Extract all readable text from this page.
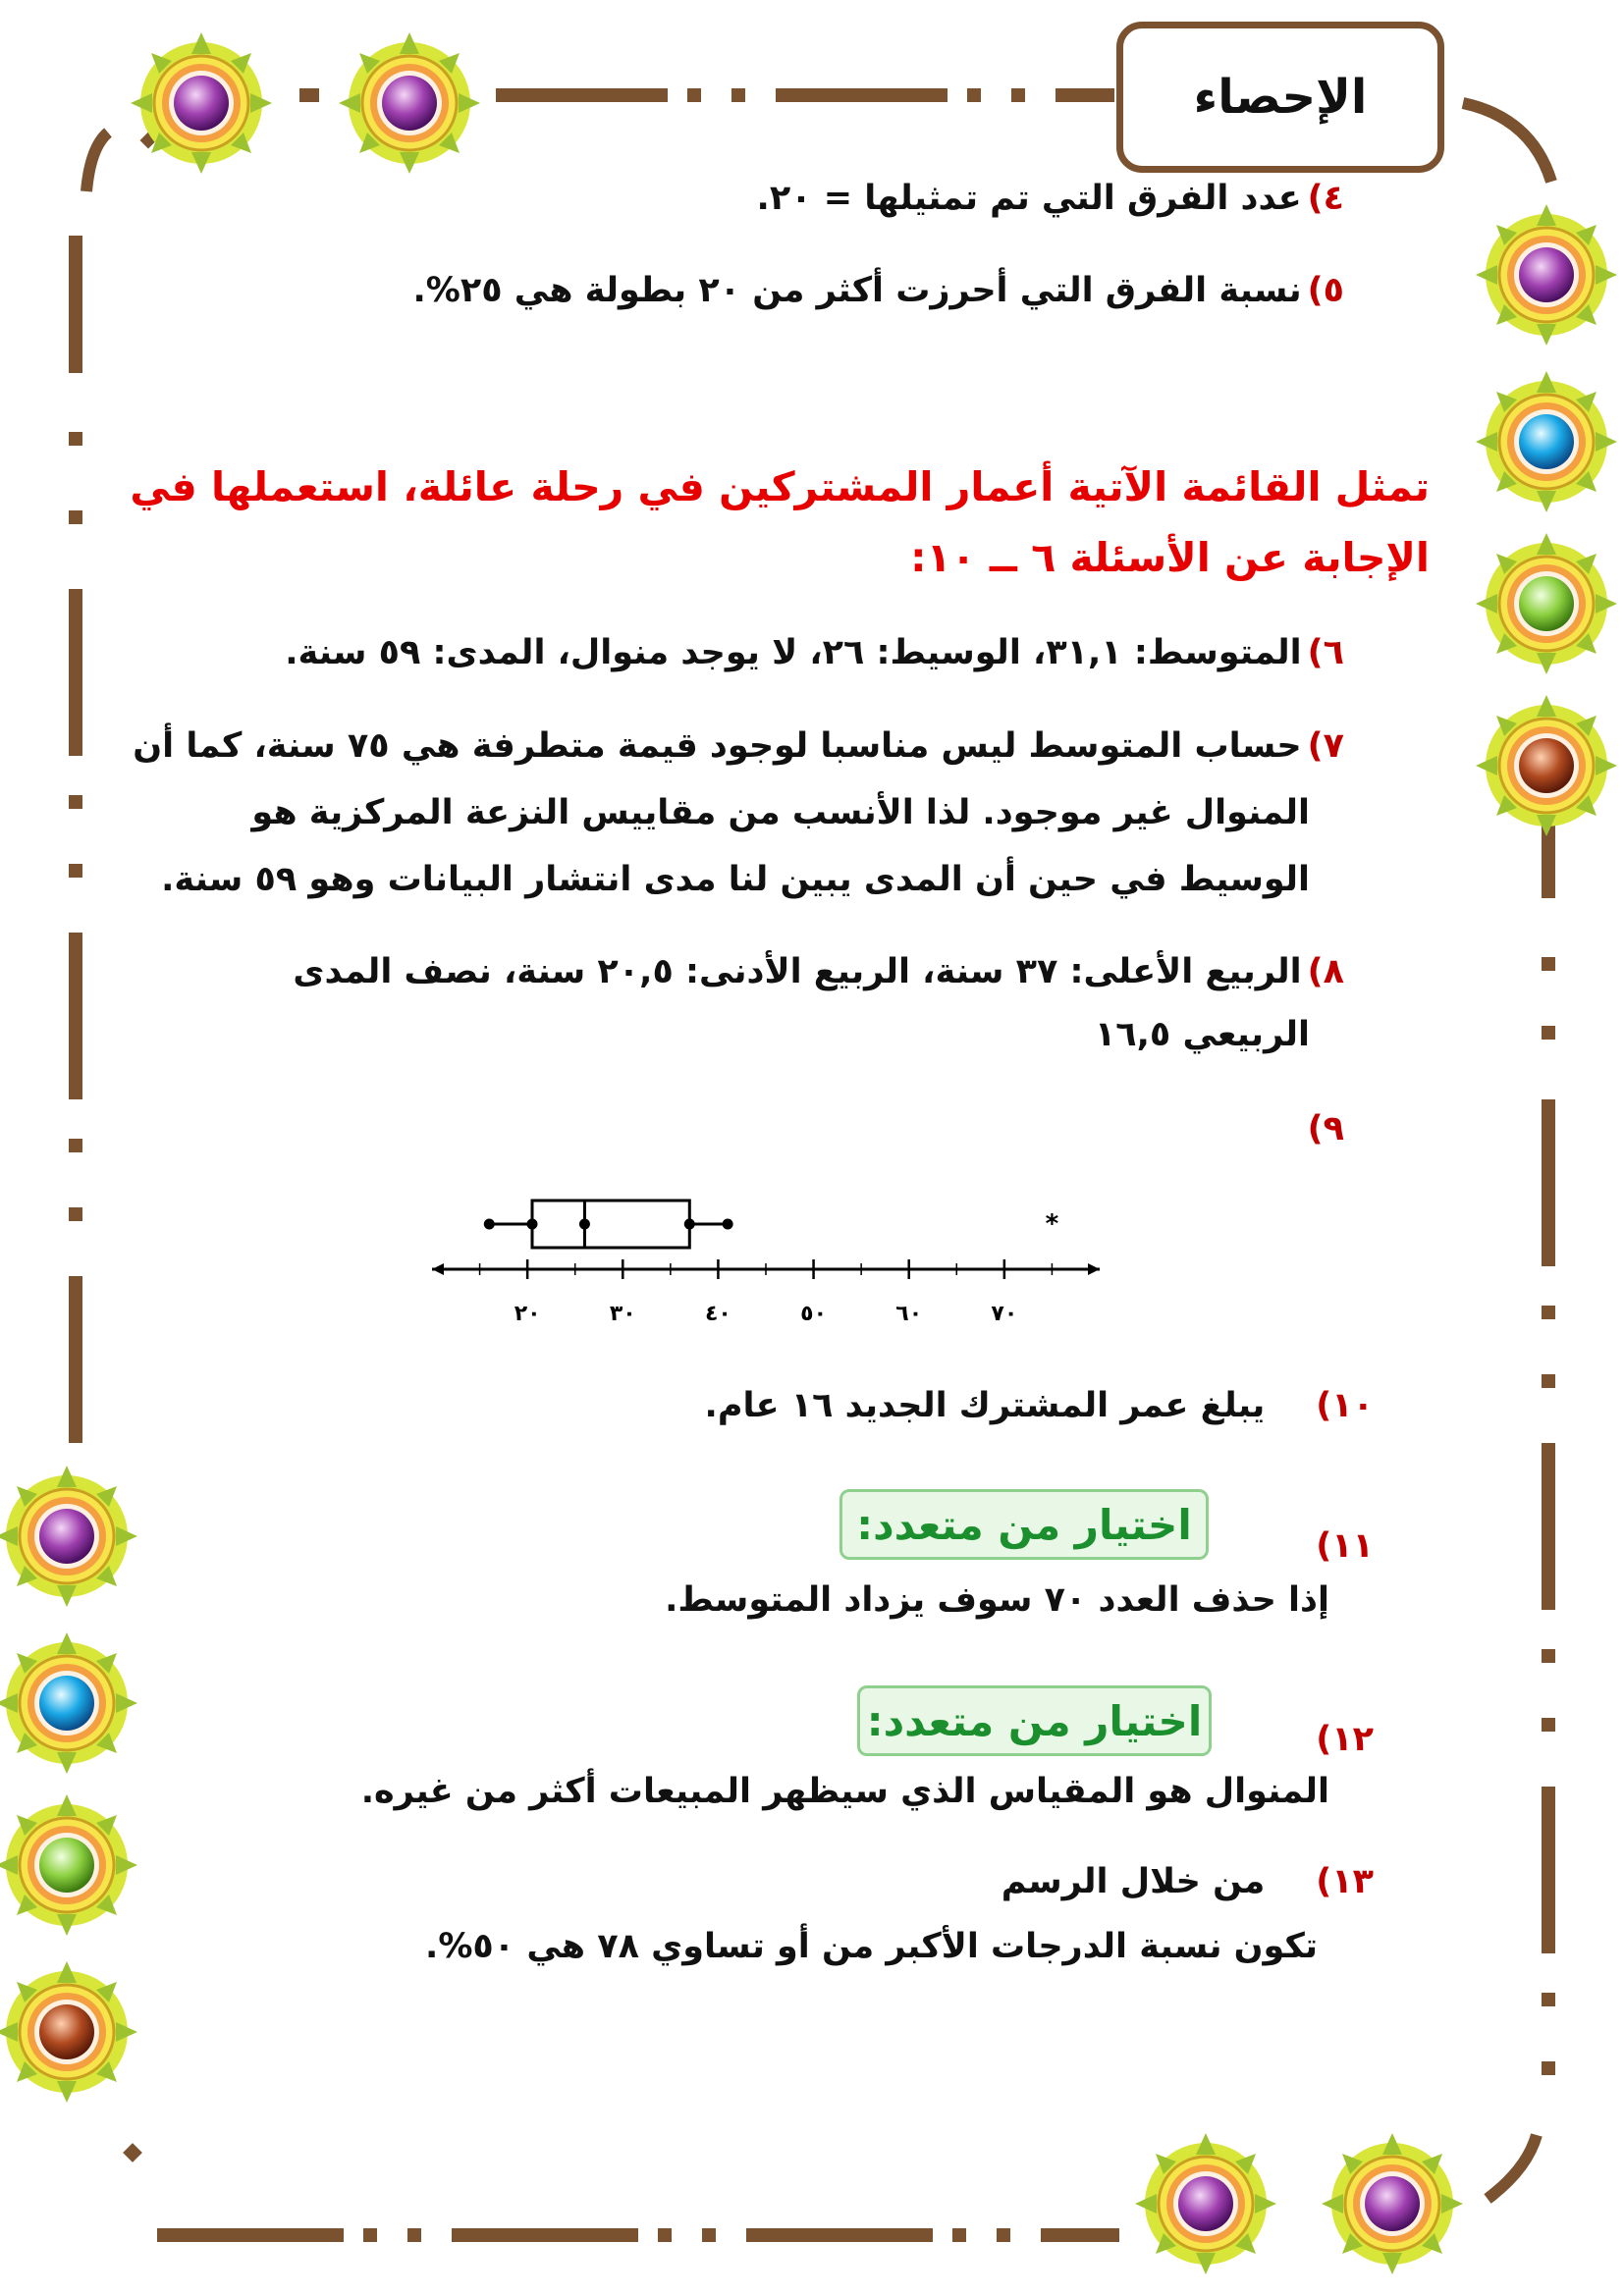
الإحصاء
٤)عدد الفرق التي تم تمثيلها = ٢٠.
٥)نسبة الفرق التي أحرزت أكثر من ٢٠ بطولة هي ٢٥%.
تمثل القائمة الآتية أعمار المشتركين في رحلة عائلة، استعملها في
الإجابة عن الأسئلة ٦ ــ ١٠:
٦)المتوسط: ٣١,١، الوسيط: ٢٦، لا يوجد منوال، المدى: ٥٩ سنة.
٧)حساب المتوسط ليس مناسبا لوجود قيمة متطرفة هي ٧٥ سنة، كما أن
المنوال غير موجود. لذا الأنسب من مقاييس النزعة المركزية هو
الوسيط في حين أن المدى يبين لنا مدى انتشار البيانات وهو ٥٩ سنة.
٨)الربيع الأعلى: ٣٧ سنة، الربيع الأدنى: ٢٠,٥ سنة، نصف المدى
الربيعي ١٦,٥
٩)
٢٠	٣٠	٤٠	٥٠	٦٠	٧٠
*
١٠)يبلغ عمر المشترك الجديد ١٦ عام.
اختيار من متعدد:	١١)
إذا حذف العدد ٧٠ سوف يزداد المتوسط.
اختيار من متعدد:	١٢)
المنوال هو المقياس الذي سيظهر المبيعات أكثر من غيره.
١٣)من خلال الرسم
تكون نسبة الدرجات الأكبر من أو تساوي ٧٨ هي ٥٠%.
